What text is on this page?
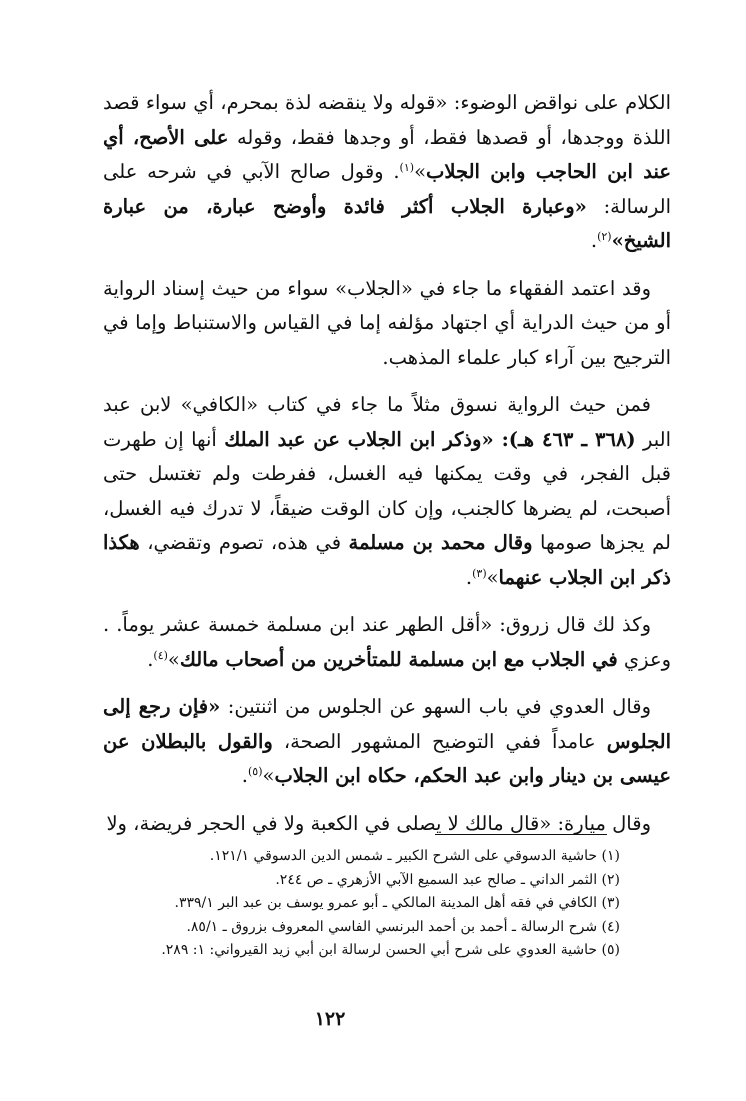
الكلام على نواقض الوضوء: «قوله ولا ينقضه لذة بمحرم، أي سواء قصد اللذة ووجدها، أو قصدها فقط، أو وجدها فقط، وقوله على الأصح، أي عند ابن الحاجب وابن الجلاب»$^{(١)}$. وقول صالح الآبي في شرحه على الرسالة: «وعبارة الجلاب أكثر فائدة وأوضح عبارة، من عبارة الشيخ»$^{(٢)}$.

وقد اعتمد الفقهاء ما جاء في «الجلاب» سواء من حيث إسناد الرواية أو من حيث الدراية أي اجتهاد مؤلفه إما في القياس والاستنباط وإما في الترجيح بين آراء كبار علماء المذهب.

فمن حيث الرواية نسوق مثلاً ما جاء في كتاب «الكافي» لابن عبد البر (٣٦٨ ـ ٤٦٣ هـ): «وذكر ابن الجلاب عن عبد الملك أنها إن طهرت قبل الفجر، في وقت يمكنها فيه الغسل، ففرطت ولم تغتسل حتى أصبحت، لم يضرها كالجنب، وإن كان الوقت ضيقاً، لا تدرك فيه الغسل، لم يجزها صومها وقال محمد بن مسلمة في هذه، تصوم وتقضي، هكذا ذكر ابن الجلاب عنهما»$^{(٣)}$.

وكذ لك قال زروق: «أقل الطهر عند ابن مسلمة خمسة عشر يوماً. . وعزي في الجلاب مع ابن مسلمة للمتأخرين من أصحاب مالك»$^{(٤)}$.

وقال العدوي في باب السهو عن الجلوس من اثنتين: «فإن رجع إلى الجلوس عامداً ففي التوضيح المشهور الصحة، والقول بالبطلان عن عيسى بن دينار وابن عبد الحكم، حكاه ابن الجلاب»$^{(٥)}$.

وقال ميارة: «قال مالك لا يصلى في الكعبة ولا في الحجر فريضة، ولا

(١) حاشية الدسوقي على الشرح الكبير ـ شمس الدين الدسوقي ١٢١/١.
(٢) الثمر الداني ـ صالح عبد السميع الآبي الأزهري ـ ص ٢٤٤.
(٣) الكافي في فقه أهل المدينة المالكي ـ أبو عمرو يوسف بن عبد البر ٣٣٩/١.
(٤) شرح الرسالة ـ أحمد بن أحمد البرنسي الفاسي المعروف بزروق ـ ٨٥/١.
(٥) حاشية العدوي على شرح أبي الحسن لرسالة ابن أبي زيد القيرواني: ١: ٢٨٩.
١٢٢
